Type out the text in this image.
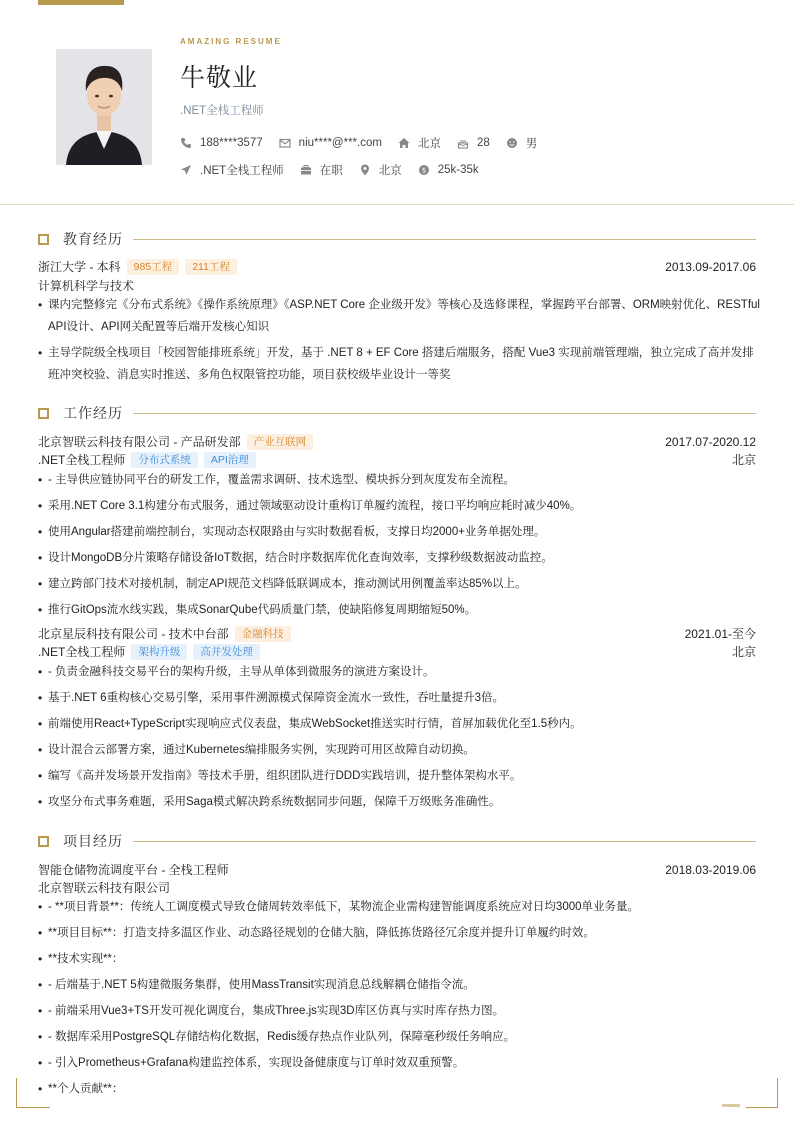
AMAZING RESUME
牛敬业
.NET全栈工程师
188****3577	niu****@***.com	北京	28	男
.NET全栈工程师	在职	北京	$ 25k-35k
教育经历
浙江大学 - 本科	985工程	211工程	2013.09-2017.06
计算机科学与技术
• 课内完整修完《分布式系统》《操作系统原理》《ASP.NET Core 企业级开发》等核心及选修课程，掌握跨平台部署、ORM映射优化、RESTful API设计、API网关配置等后端开发核心知识
• 主导学院级全栈项目「校园智能排班系统」开发，基于 .NET 8 + EF Core 搭建后端服务，搭配 Vue3 实现前端管理端，独立完成了高并发排班冲突校验、消息实时推送、多角色权限管控功能，项目获校级毕业设计一等奖
工作经历
北京智联云科技有限公司 - 产品研发部	产业互联网	2017.07-2020.12
.NET全栈工程师	分布式系统	API治理	北京
• - 主导供应链协同平台的研发工作，覆盖需求调研、技术选型、模块拆分到灰度发布全流程。
• 采用.NET Core 3.1构建分布式服务，通过领域驱动设计重构订单履约流程，接口平均响应耗时减少40%。
• 使用Angular搭建前端控制台，实现动态权限路由与实时数据看板，支撑日均2000+业务单据处理。
• 设计MongoDB分片策略存储设备IoT数据，结合时序数据库优化查询效率，支撑秒级数据波动监控。
• 建立跨部门技术对接机制，制定API规范文档降低联调成本，推动测试用例覆盖率达85%以上。
• 推行GitOps流水线实践，集成SonarQube代码质量门禁，使缺陷修复周期缩短50%。
北京星辰科技有限公司 - 技术中台部	金融科技	2021.01-至今
.NET全栈工程师	架构升级	高并发处理	北京
• - 负责金融科技交易平台的架构升级，主导从单体到微服务的演进方案设计。
• 基于.NET 6重构核心交易引擎，采用事件溯源模式保障资金流水一致性，吞吐量提升3倍。
• 前端使用React+TypeScript实现响应式仪表盘，集成WebSocket推送实时行情，首屏加载优化至1.5秒内。
• 设计混合云部署方案，通过Kubernetes编排服务实例，实现跨可用区故障自动切换。
• 编写《高并发场景开发指南》等技术手册，组织团队进行DDD实践培训，提升整体架构水平。
• 攻坚分布式事务难题，采用Saga模式解决跨系统数据同步问题，保障千万级账务准确性。
项目经历
智能仓储物流调度平台 - 全栈工程师	2018.03-2019.06
北京智联云科技有限公司
• - **项目背景**：传统人工调度模式导致仓储周转效率低下，某物流企业需构建智能调度系统应对日均3000单业务量。
• **项目目标**：打造支持多温区作业、动态路径规划的仓储大脑，降低拣货路径冗余度并提升订单履约时效。
• **技术实现**：
• - 后端基于.NET 5构建微服务集群，使用MassTransit实现消息总线解耦仓储指令流。
• - 前端采用Vue3+TS开发可视化调度台，集成Three.js实现3D库区仿真与实时库存热力图。
• - 数据库采用PostgreSQL存储结构化数据，Redis缓存热点作业队列，保障毫秒级任务响应。
• - 引入Prometheus+Grafana构建监控体系，实现设备健康度与订单时效双重预警。
• **个人贡献**：
